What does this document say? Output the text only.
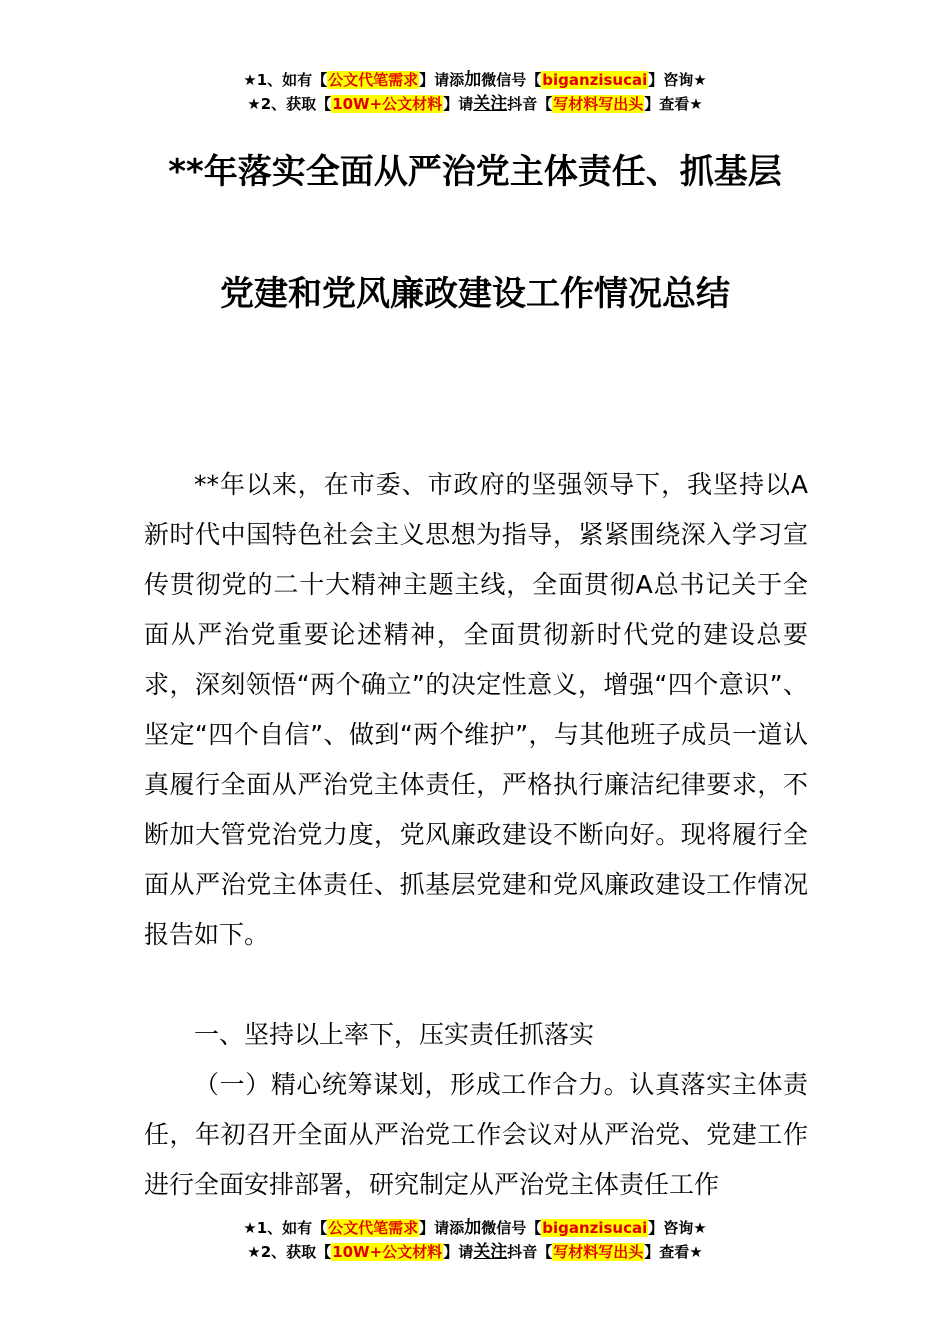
★1、如有【公文代笔需求】请添加微信号【biganzisucai】咨询★
★2、获取【10W+公文材料】请关注抖音【写材料写出头】查看★
**年落实全面从严治党主体责任、抓基层
党建和党风廉政建设工作情况总结

**年以来，在市委、市政府的坚强领导下，我坚持以A新时代中国特色社会主义思想为指导，紧紧围绕深入学习宣传贯彻党的二十大精神主题主线，全面贯彻A总书记关于全面从严治党重要论述精神，全面贯彻新时代党的建设总要求，深刻领悟“两个确立”的决定性意义，增强“四个意识”、坚定“四个自信”、做到“两个维护”，与其他班子成员一道认真履行全面从严治党主体责任，严格执行廉洁纪律要求，不断加大管党治党力度，党风廉政建设不断向好。现将履行全面从严治党主体责任、抓基层党建和党风廉政建设工作情况报告如下。

一、坚持以上率下，压实责任抓落实

（一）精心统筹谋划，形成工作合力。认真落实主体责任，年初召开全面从严治党工作会议对从严治党、党建工作进行全面安排部署，研究制定从严治党主体责任工作

★1、如有【公文代笔需求】请添加微信号【biganzisucai】咨询★
★2、获取【10W+公文材料】请关注抖音【写材料写出头】查看★
